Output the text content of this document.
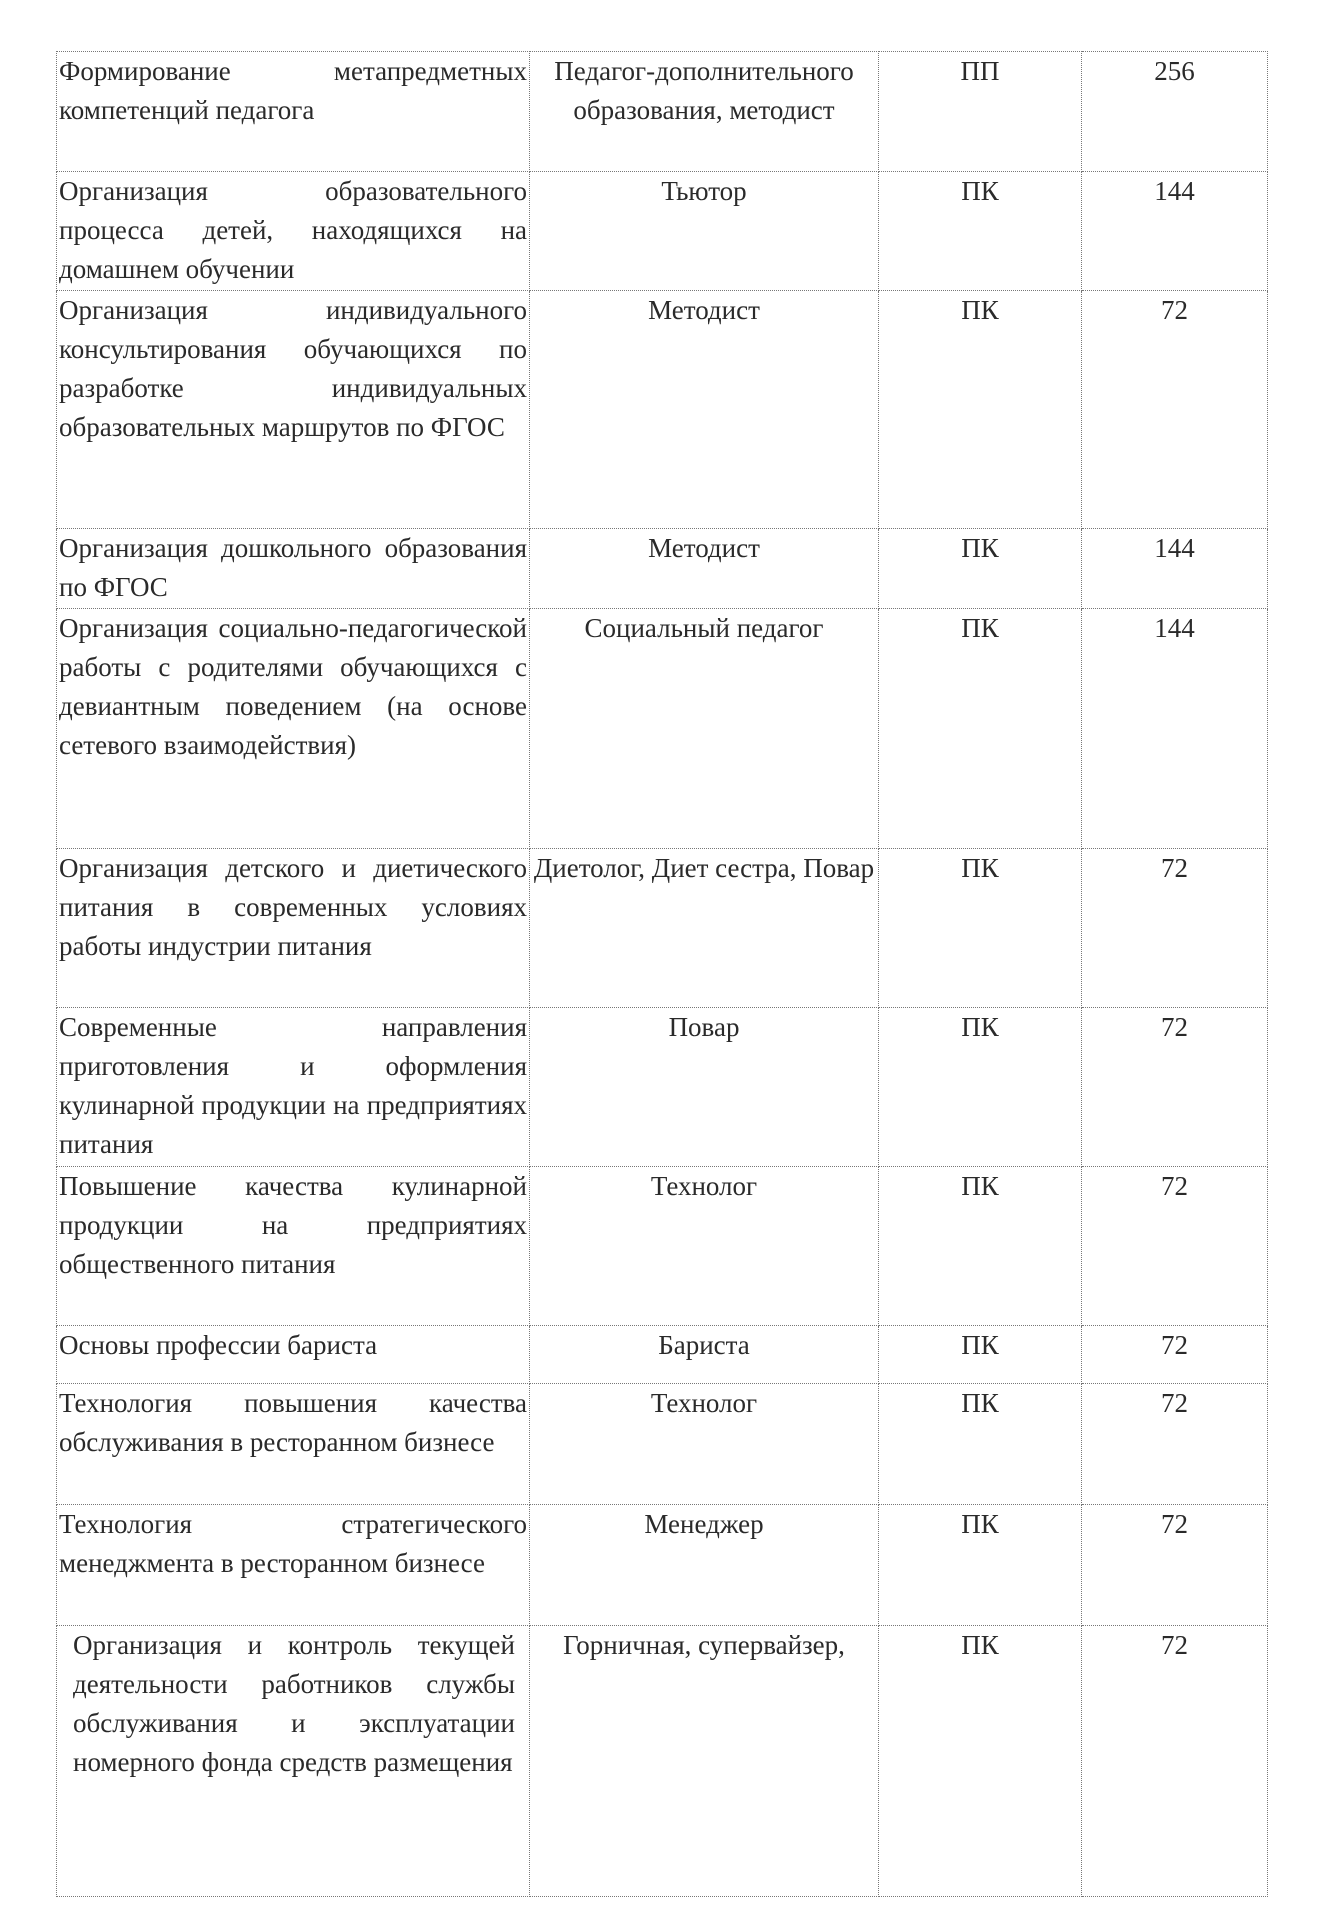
Формирование метапредметных компетенций педагога	Педагог-дополнительного образования, методист	ПП	256
Организация образовательного процесса детей, находящихся на домашнем обучении	Тьютор	ПК	144
Организация индивидуального консультирования обучающихся по разработке индивидуальных образовательных маршрутов по ФГОС	Методист	ПК	72
Организация дошкольного образования по ФГОС	Методист	ПК	144
Организация социально-педагогической работы с родителями обучающихся с девиантным поведением (на основе сетевого взаимодействия)	Социальный педагог	ПК	144
Организация детского и диетического питания в современных условиях работы индустрии питания	Диетолог, Диет сестра, Повар	ПК	72
Современные направления приготовления и оформления кулинарной продукции на предприятиях питания	Повар	ПК	72
Повышение качества кулинарной продукции на предприятиях общественного питания	Технолог	ПК	72
Основы профессии бариста	Бариста	ПК	72
Технология повышения качества обслуживания в ресторанном бизнесе	Технолог	ПК	72
Технология стратегического менеджмента в ресторанном бизнесе	Менеджер	ПК	72
Организация и контроль текущей деятельности работников службы обслуживания и эксплуатации номерного фонда средств размещения	Горничная, супервайзер,	ПК	72
